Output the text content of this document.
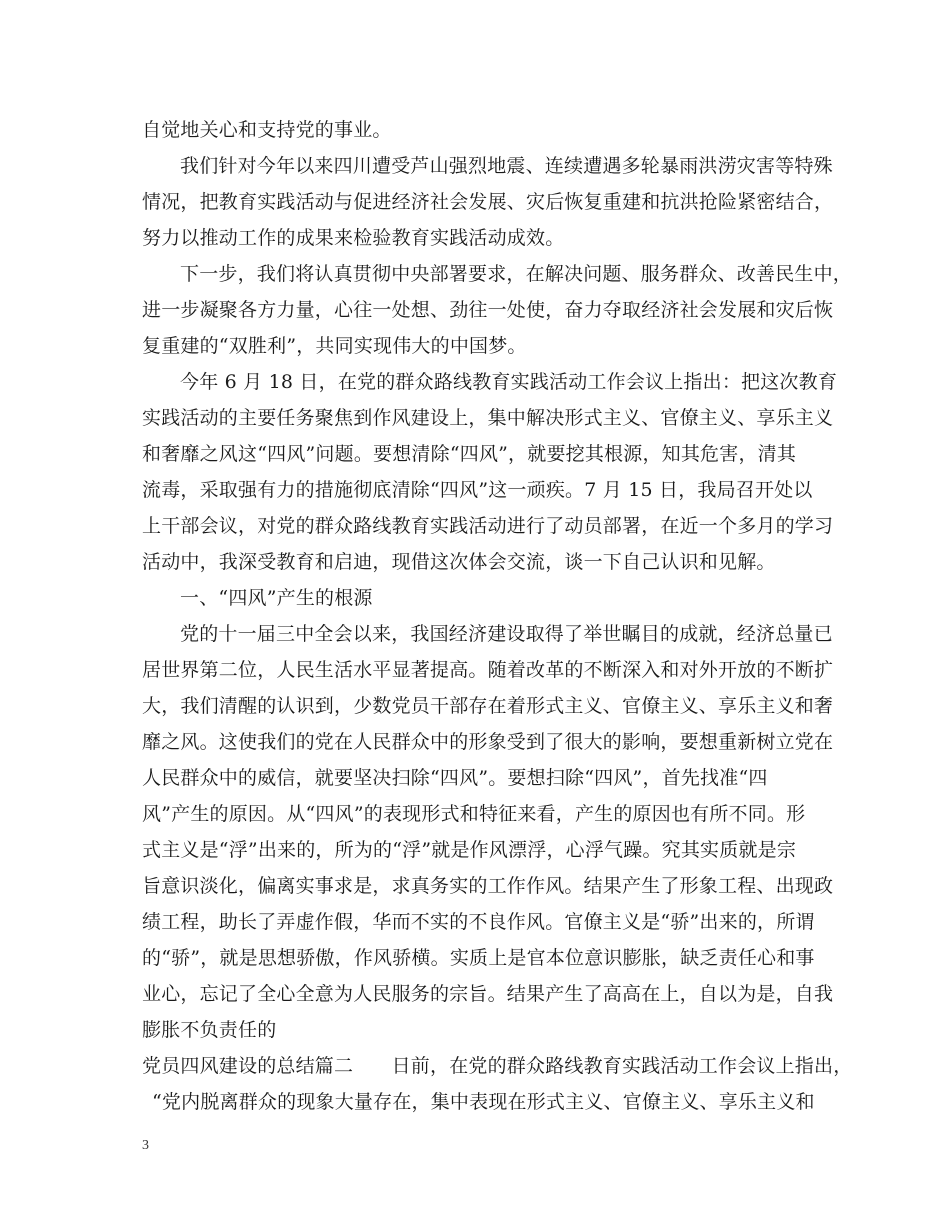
自觉地关心和支持党的事业。
我们针对今年以来四川遭受芦山强烈地震、连续遭遇多轮暴雨洪涝灾害等特殊
情况，把教育实践活动与促进经济社会发展、灾后恢复重建和抗洪抢险紧密结合，
努力以推动工作的成果来检验教育实践活动成效。
下一步，我们将认真贯彻中央部署要求，在解决问题、服务群众、改善民生中，
进一步凝聚各方力量，心往一处想、劲往一处使，奋力夺取经济社会发展和灾后恢
复重建的“双胜利”，共同实现伟大的中国梦。
今年 6 月 18 日，在党的群众路线教育实践活动工作会议上指出：把这次教育
实践活动的主要任务聚焦到作风建设上，集中解决形式主义、官僚主义、享乐主义
和奢靡之风这“四风”问题。要想清除“四风”，就要挖其根源，知其危害，清其
流毒，采取强有力的措施彻底清除“四风”这一顽疾。7 月 15 日，我局召开处以
上干部会议，对党的群众路线教育实践活动进行了动员部署，在近一个多月的学习
活动中，我深受教育和启迪，现借这次体会交流，谈一下自己认识和见解。
一、“四风”产生的根源
党的十一届三中全会以来，我国经济建设取得了举世瞩目的成就，经济总量已
居世界第二位，人民生活水平显著提高。随着改革的不断深入和对外开放的不断扩
大，我们清醒的认识到，少数党员干部存在着形式主义、官僚主义、享乐主义和奢
靡之风。这使我们的党在人民群众中的形象受到了很大的影响，要想重新树立党在
人民群众中的威信，就要坚决扫除“四风”。要想扫除“四风”，首先找准“四
风”产生的原因。从“四风”的表现形式和特征来看，产生的原因也有所不同。形
式主义是“浮”出来的，所为的“浮”就是作风漂浮，心浮气躁。究其实质就是宗
旨意识淡化，偏离实事求是，求真务实的工作作风。结果产生了形象工程、出现政
绩工程，助长了弄虚作假，华而不实的不良作风。官僚主义是“骄”出来的，所谓
的“骄”，就是思想骄傲，作风骄横。实质上是官本位意识膨胀，缺乏责任心和事
业心，忘记了全心全意为人民服务的宗旨。结果产生了高高在上，自以为是，自我
膨胀不负责任的
党员四风建设的总结篇二　　日前，在党的群众路线教育实践活动工作会议上指出，
“党内脱离群众的现象大量存在，集中表现在形式主义、官僚主义、享乐主义和
3
